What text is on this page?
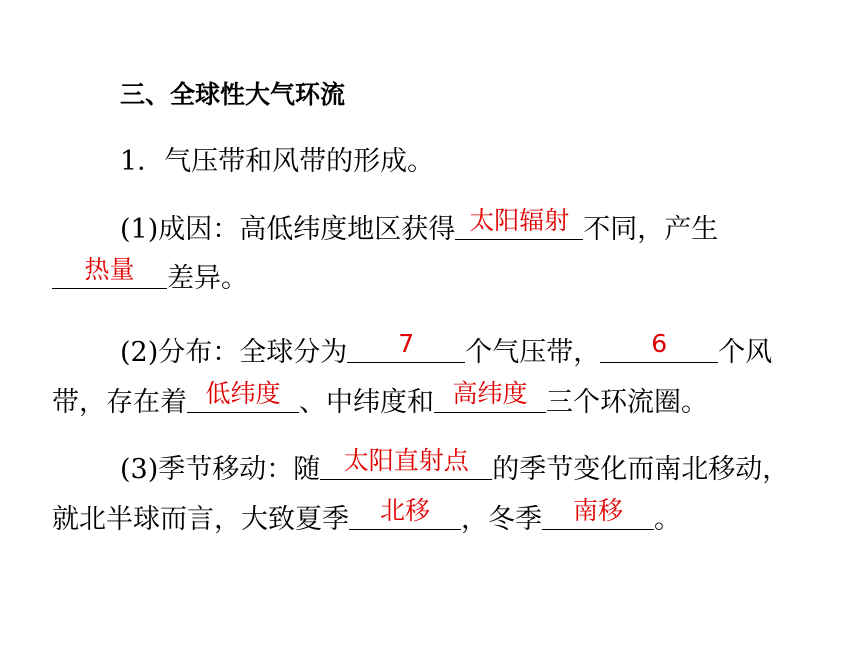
三、全球性大气环流
1．气压带和风带的形成。
(1)成因：高低纬度地区获得 太阳辐射 不同，产生
热量	差异。
(2)分布：全球分为	7	个气压带，	6	个风
带，存在着 低纬度 、中纬度和 高纬度 三个环流圈。
(3)季节移动：随 太阳直射点 的季节变化而南北移动，
就北半球而言，大致夏季	北移	，冬季	南移	。
